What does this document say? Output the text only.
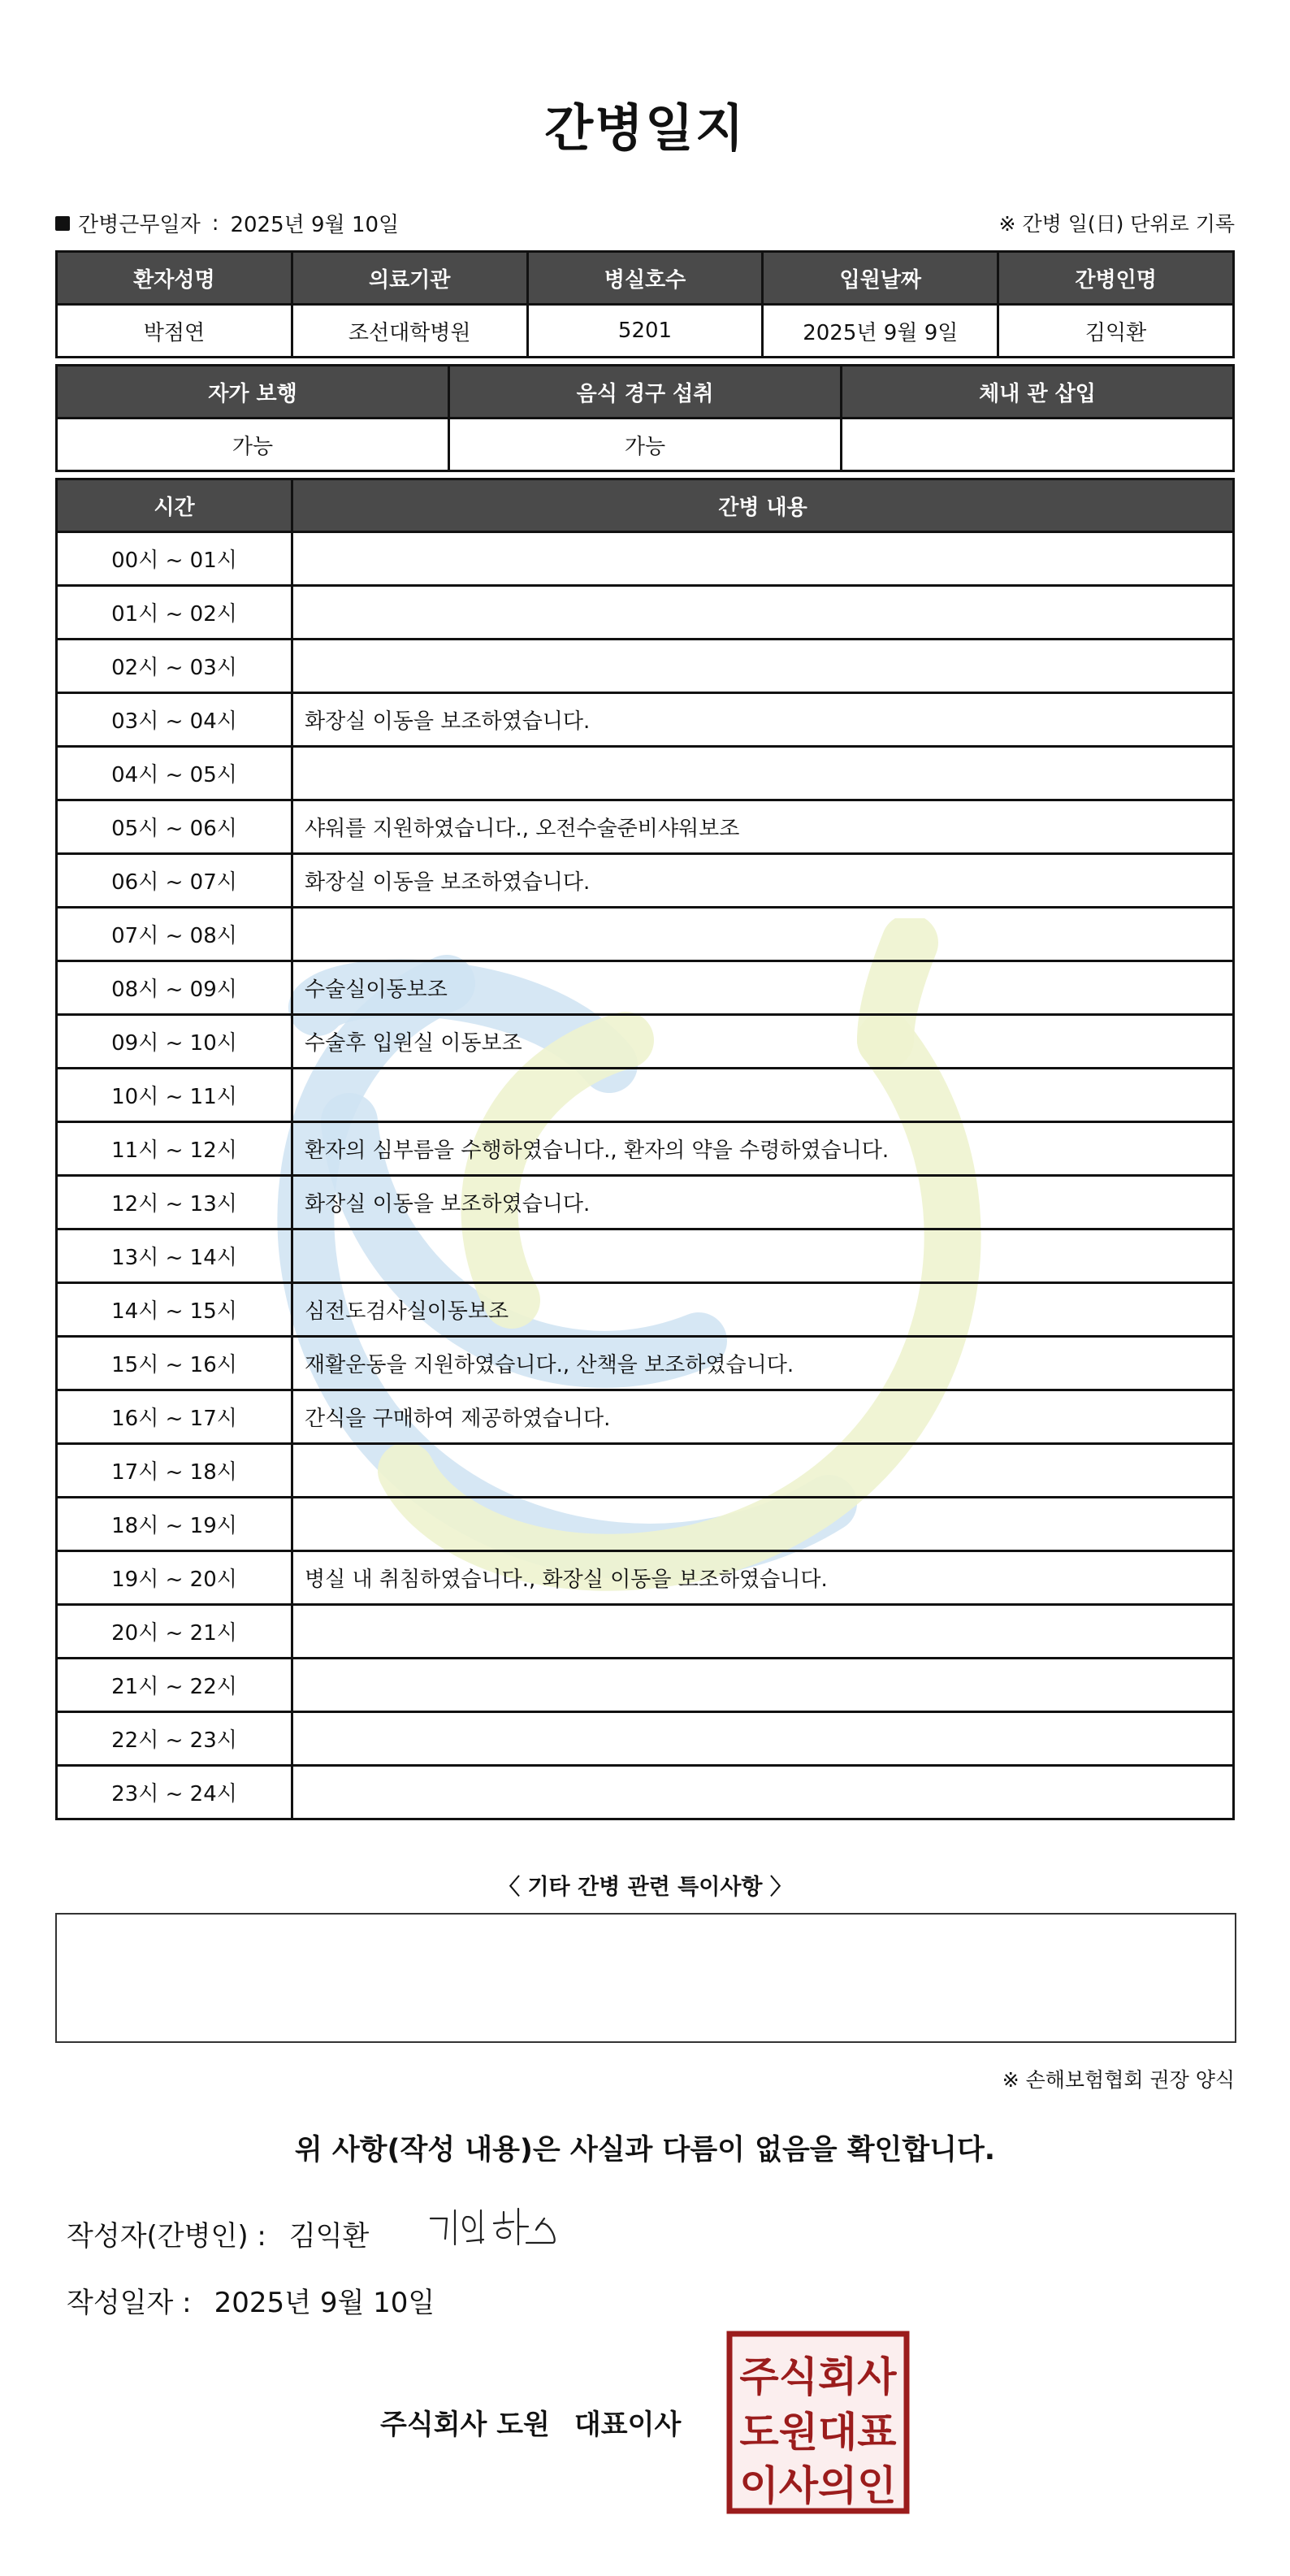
간병일지
간병근무일자 : 2025년 9월 10일	※ 간병 일(日) 단위로 기록
환자성명	의료기관	병실호수	입원날짜	간병인명
박점연	조선대학병원	5201	2025년 9월 9일	김익환
자가 보행	음식 경구 섭취	체내 관 삽입
가능	가능	
시간	간병 내용
00시 ~ 01시	
01시 ~ 02시	
02시 ~ 03시	
03시 ~ 04시	화장실 이동을 보조하였습니다.
04시 ~ 05시	
05시 ~ 06시	샤워를 지원하였습니다., 오전수술준비샤워보조
06시 ~ 07시	화장실 이동을 보조하였습니다.
07시 ~ 08시	
08시 ~ 09시	수술실이동보조
09시 ~ 10시	수술후 입원실 이동보조
10시 ~ 11시	
11시 ~ 12시	환자의 심부름을 수행하였습니다., 환자의 약을 수령하였습니다.
12시 ~ 13시	화장실 이동을 보조하였습니다.
13시 ~ 14시	
14시 ~ 15시	심전도검사실이동보조
15시 ~ 16시	재활운동을 지원하였습니다., 산책을 보조하였습니다.
16시 ~ 17시	간식을 구매하여 제공하였습니다.
17시 ~ 18시	
18시 ~ 19시	
19시 ~ 20시	병실 내 취침하였습니다., 화장실 이동을 보조하였습니다.
20시 ~ 21시	
21시 ~ 22시	
22시 ~ 23시	
23시 ~ 24시	
〈 기타 간병 관련 특이사항 〉
※ 손해보험협회 권장 양식
위 사항(작성 내용)은 사실과 다름이 없음을 확인합니다.
작성자(간병인) : 김익환
작성일자 : 2025년 9월 10일
주식회사 도원 대표이사
주식회사
도원대표
이사의인
